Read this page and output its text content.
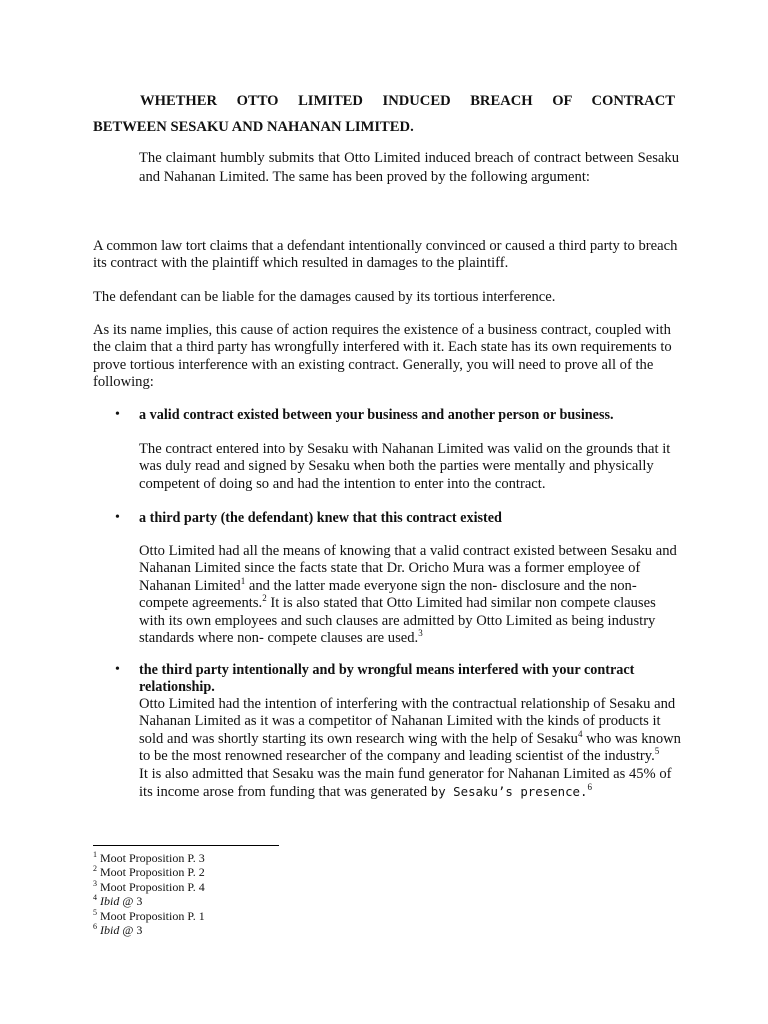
WHETHER OTTO LIMITED INDUCED BREACH OF CONTRACT
BETWEEN SESAKU AND NAHANAN LIMITED.
The claimant humbly submits that Otto Limited induced breach of contract between Sesaku and Nahanan Limited. The same has been proved by the following argument:
A common law tort claims that a defendant intentionally convinced or caused a third party to breach its contract with the plaintiff which resulted in damages to the plaintiff.
The defendant can be liable for the damages caused by its tortious interference.
As its name implies, this cause of action requires the existence of a business contract, coupled with the claim that a third party has wrongfully interfered with it. Each state has its own requirements to prove tortious interference with an existing contract. Generally, you will need to prove all of the following:
• a valid contract existed between your business and another person or business.
The contract entered into by Sesaku with Nahanan Limited was valid on the grounds that it was duly read and signed by Sesaku when both the parties were mentally and physically competent of doing so and had the intention to enter into the contract.
• a third party (the defendant) knew that this contract existed
Otto Limited had all the means of knowing that a valid contract existed between Sesaku and Nahanan Limited since the facts state that Dr. Oricho Mura was a former employee of Nahanan Limited$^1$ and the latter made everyone sign the non- disclosure and the non- compete agreements.$^2$ It is also stated that Otto Limited had similar non compete clauses with its own employees and such clauses are admitted by Otto Limited as being industry standards where non- compete clauses are used.$^3$
• the third party intentionally and by wrongful means interfered with your contract relationship.
Otto Limited had the intention of interfering with the contractual relationship of Sesaku and Nahanan Limited as it was a competitor of Nahanan Limited with the kinds of products it sold and was shortly starting its own research wing with the help of Sesaku$^4$ who was known to be the most renowned researcher of the company and leading scientist of the industry.$^5$
It is also admitted that Sesaku was the main fund generator for Nahanan Limited as 45% of its income arose from funding that was generated by Sesaku’s presence.$^6$
$^1$ Moot Proposition P. 3
$^2$ Moot Proposition P. 2
$^3$ Moot Proposition P. 4
$^4$ Ibid @ 3
$^5$ Moot Proposition P. 1
$^6$ Ibid @ 3
